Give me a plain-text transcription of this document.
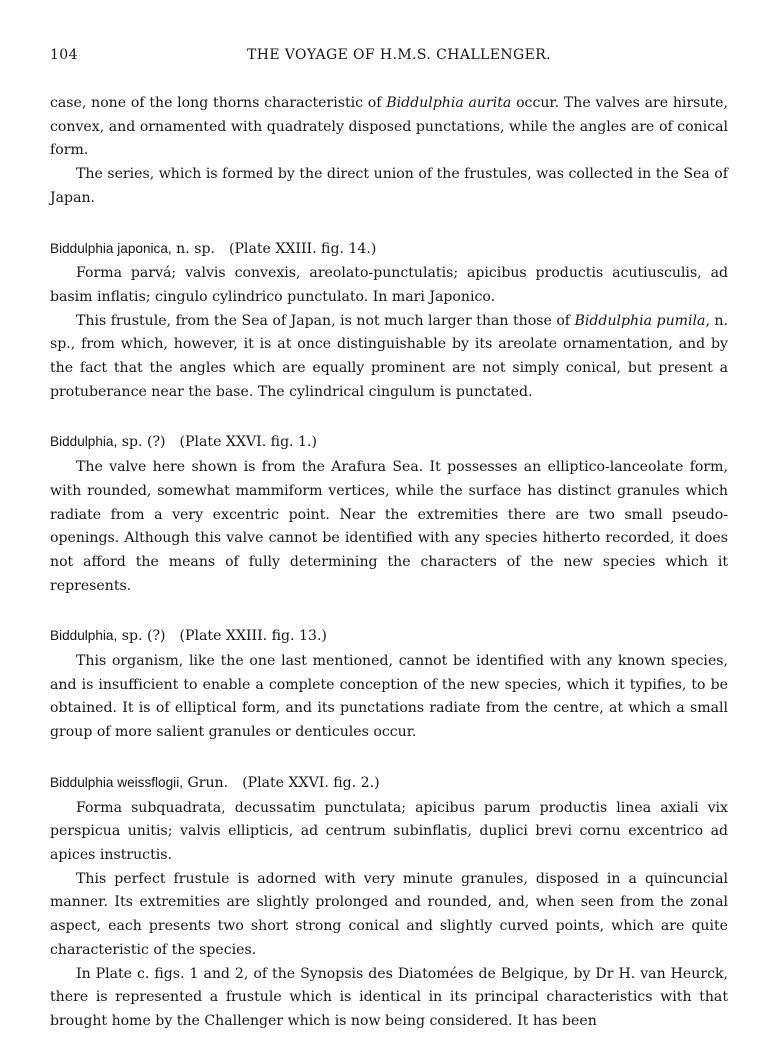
104	THE VOYAGE OF H.M.S. CHALLENGER.

case, none of the long thorns characteristic of Biddulphia aurita occur. The valves are hirsute, convex, and ornamented with quadrately disposed punctations, while the angles are of conical form.

The series, which is formed by the direct union of the frustules, was collected in the Sea of Japan.

Biddulphia japonica, n. sp. (Plate XXIII. fig. 14.)

Forma parvá; valvis convexis, areolato-punctulatis; apicibus productis acutiusculis, ad basim inflatis; cingulo cylindrico punctulato. In mari Japonico.

This frustule, from the Sea of Japan, is not much larger than those of Biddulphia pumila, n. sp., from which, however, it is at once distinguishable by its areolate ornamentation, and by the fact that the angles which are equally prominent are not simply conical, but present a protuberance near the base. The cylindrical cingulum is punctated.

Biddulphia, sp. (?) (Plate XXVI. fig. 1.)

The valve here shown is from the Arafura Sea. It possesses an elliptico-lanceolate form, with rounded, somewhat mammiform vertices, while the surface has distinct granules which radiate from a very excentric point. Near the extremities there are two small pseudo-openings. Although this valve cannot be identified with any species hitherto recorded, it does not afford the means of fully determining the characters of the new species which it represents.

Biddulphia, sp. (?) (Plate XXIII. fig. 13.)

This organism, like the one last mentioned, cannot be identified with any known species, and is insufficient to enable a complete conception of the new species, which it typifies, to be obtained. It is of elliptical form, and its punctations radiate from the centre, at which a small group of more salient granules or denticules occur.

Biddulphia weissflogii, Grun. (Plate XXVI. fig. 2.)

Forma subquadrata, decussatim punctulata; apicibus parum productis linea axiali vix perspicua unitis; valvis ellipticis, ad centrum subinflatis, duplici brevi cornu excentrico ad apices instructis.

This perfect frustule is adorned with very minute granules, disposed in a quincuncial manner. Its extremities are slightly prolonged and rounded, and, when seen from the zonal aspect, each presents two short strong conical and slightly curved points, which are quite characteristic of the species.

In Plate c. figs. 1 and 2, of the Synopsis des Diatomées de Belgique, by Dr H. van Heurck, there is represented a frustule which is identical in its principal characteristics with that brought home by the Challenger which is now being considered. It has been
